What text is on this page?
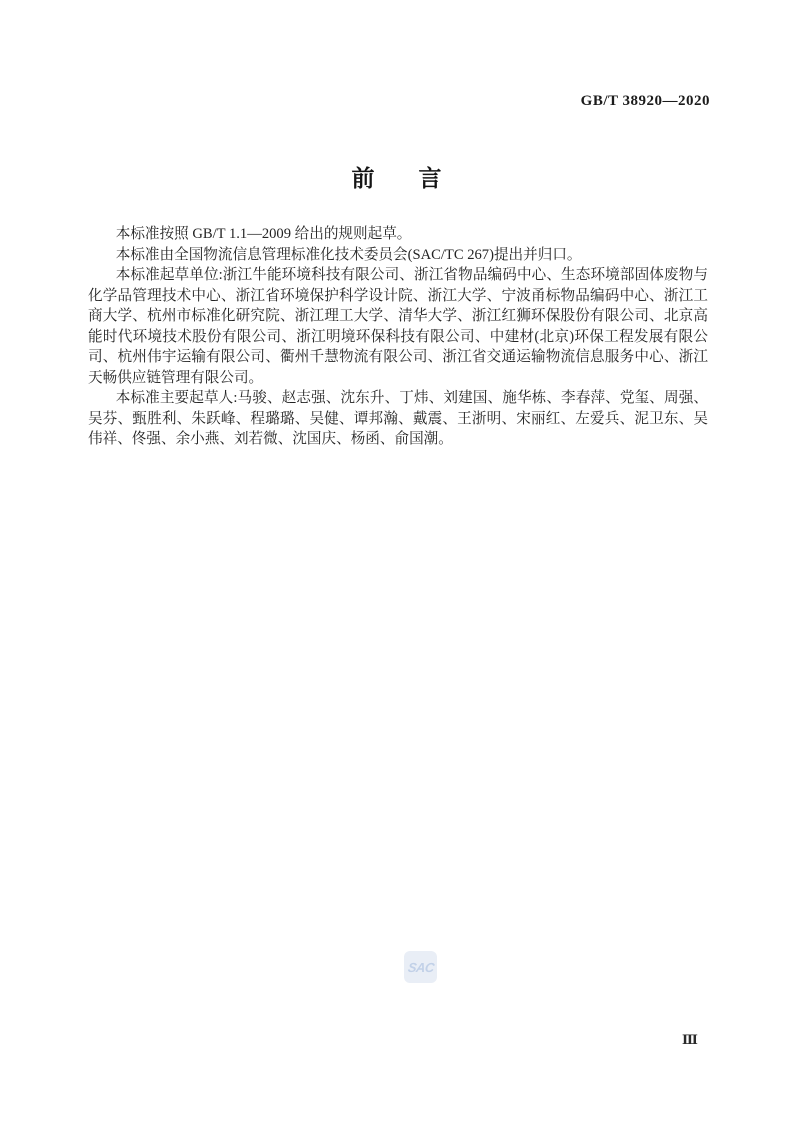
GB/T 38920—2020
前 言

本标准按照 GB/T 1.1—2009 给出的规则起草。

本标准由全国物流信息管理标准化技术委员会(SAC/TC 267)提出并归口。

本标准起草单位:浙江牛能环境科技有限公司、浙江省物品编码中心、生态环境部固体废物与化学品管理技术中心、浙江省环境保护科学设计院、浙江大学、宁波甬标物品编码中心、浙江工商大学、杭州市标准化研究院、浙江理工大学、清华大学、浙江红狮环保股份有限公司、北京高能时代环境技术股份有限公司、浙江明境环保科技有限公司、中建材(北京)环保工程发展有限公司、杭州伟宇运输有限公司、衢州千慧物流有限公司、浙江省交通运输物流信息服务中心、浙江天畅供应链管理有限公司。

本标准主要起草人:马骏、赵志强、沈东升、丁炜、刘建国、施华栋、李春萍、党玺、周强、吴芬、甄胜利、朱跃峰、程璐璐、吴健、谭邦瀚、戴震、王浙明、宋丽红、左爱兵、泥卫东、吴伟祥、佟强、余小燕、刘若微、沈国庆、杨函、俞国潮。

SAC
Ⅲ
